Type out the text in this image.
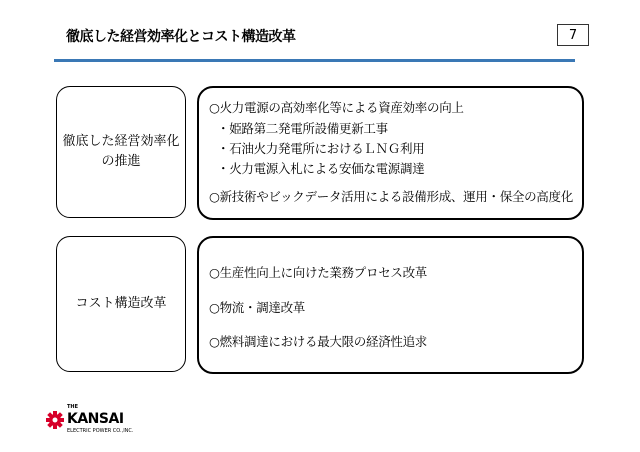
徹底した経営効率化とコスト構造改革	7
徹底した経営効率化
の推進
○火力電源の高効率化等による資産効率の向上
・姫路第二発電所設備更新工事
・石油火力発電所におけるＬＮＧ利用
・火力電源入札による安価な電源調達
○新技術やビックデータ活用による設備形成、運用・保全の高度化
コスト構造改革
○生産性向上に向けた業務プロセス改革
○物流・調達改革
○燃料調達における最大限の経済性追求
THE
KANSAI
ELECTRIC POWER CO.,INC.
